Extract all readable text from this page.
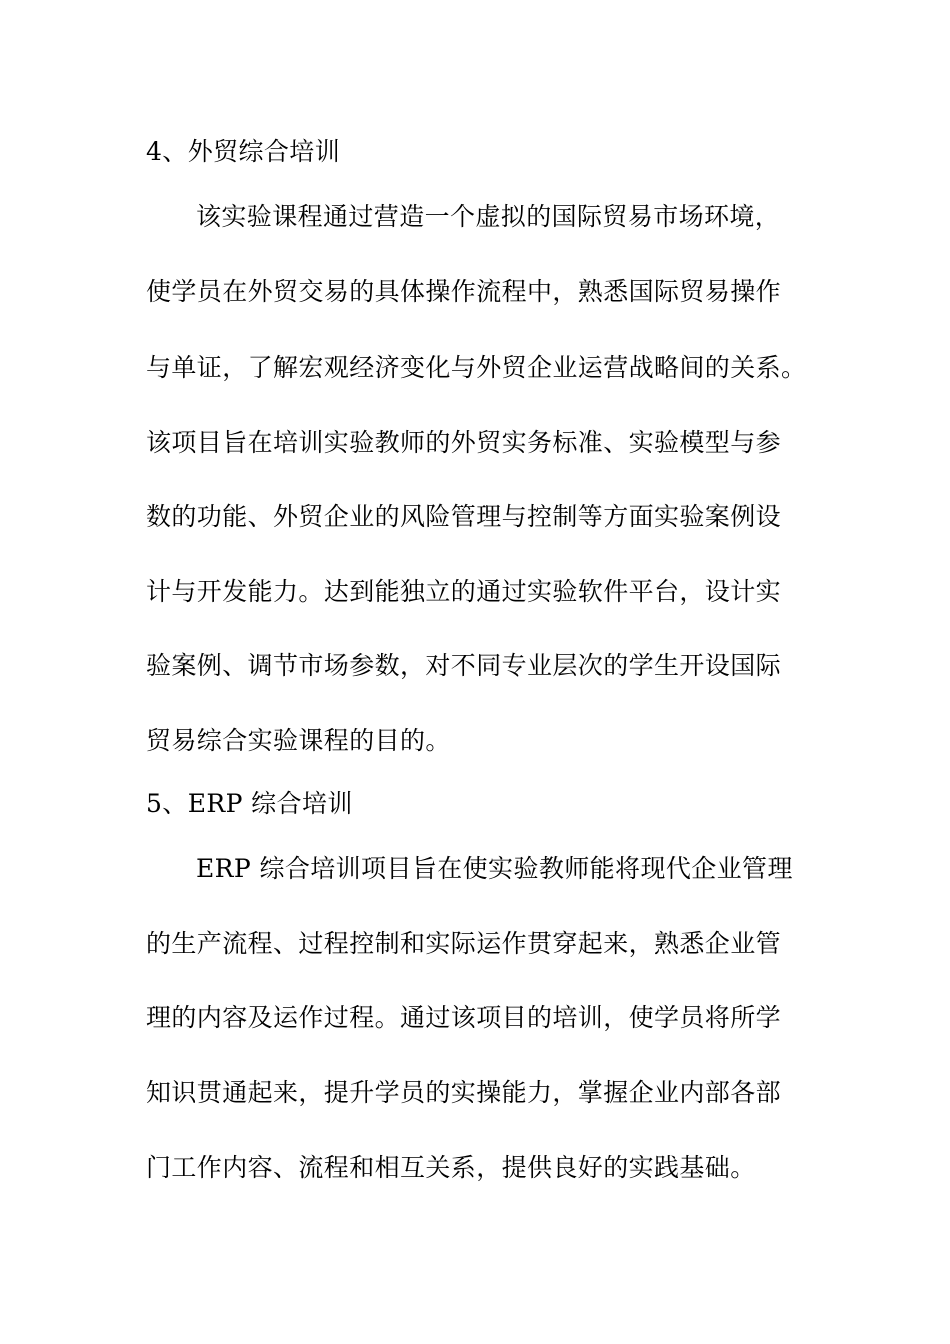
4、外贸综合培训

该实验课程通过营造一个虚拟的国际贸易市场环境，

使学员在外贸交易的具体操作流程中，熟悉国际贸易操作

与单证，了解宏观经济变化与外贸企业运营战略间的关系。

该项目旨在培训实验教师的外贸实务标准、实验模型与参

数的功能、外贸企业的风险管理与控制等方面实验案例设

计与开发能力。达到能独立的通过实验软件平台，设计实

验案例、调节市场参数，对不同专业层次的学生开设国际

贸易综合实验课程的目的。

5、ERP 综合培训

ERP 综合培训项目旨在使实验教师能将现代企业管理

的生产流程、过程控制和实际运作贯穿起来，熟悉企业管

理的内容及运作过程。通过该项目的培训，使学员将所学

知识贯通起来，提升学员的实操能力，掌握企业内部各部

门工作内容、流程和相互关系，提供良好的实践基础。
